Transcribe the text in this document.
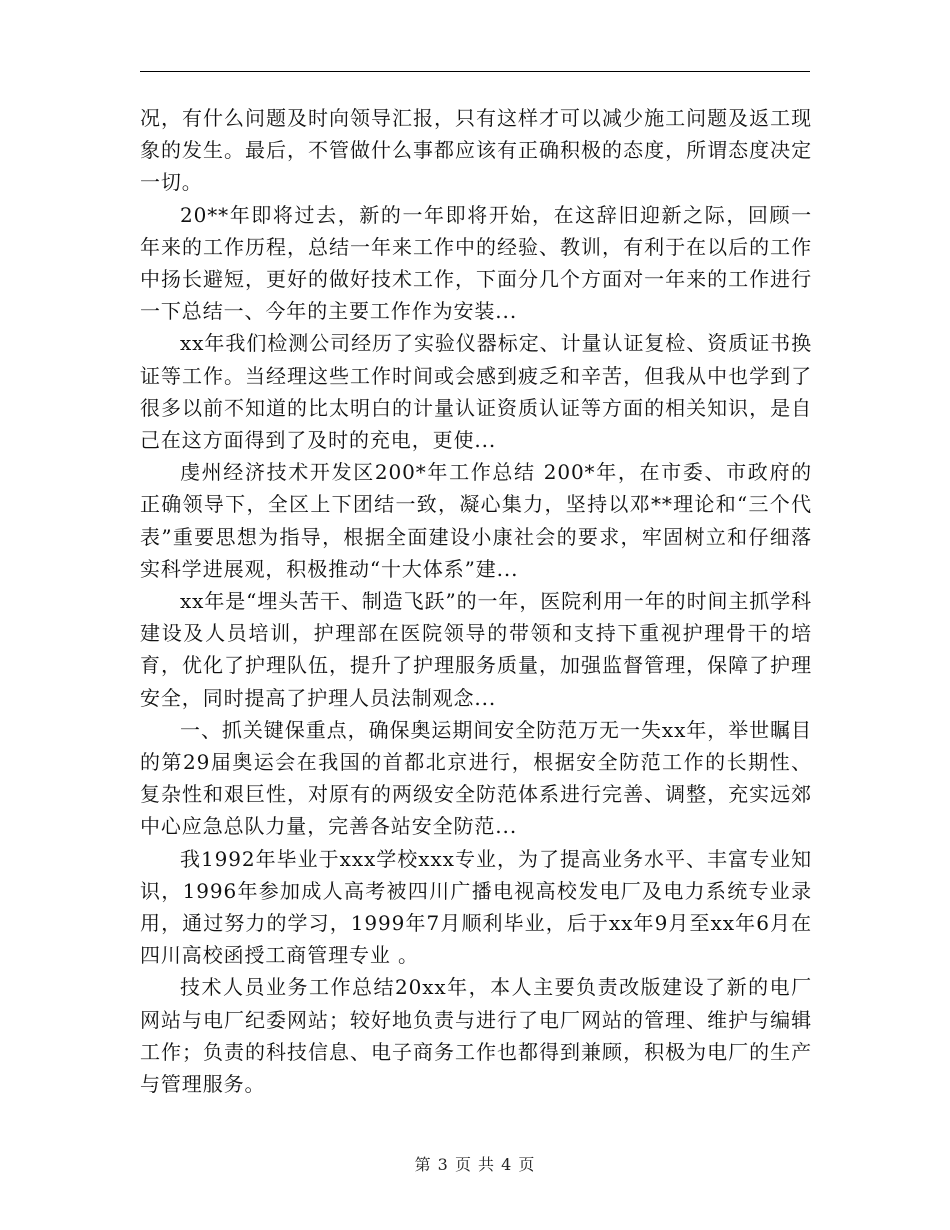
况，有什么问题及时向领导汇报，只有这样才可以减少施工问题及返工现象的发生。最后，不管做什么事都应该有正确积极的态度，所谓态度决定一切。

20**年即将过去，新的一年即将开始，在这辞旧迎新之际，回顾一年来的工作历程，总结一年来工作中的经验、教训，有利于在以后的工作中扬长避短，更好的做好技术工作，下面分几个方面对一年来的工作进行一下总结一、今年的主要工作作为安装...

xx年我们检测公司经历了实验仪器标定、计量认证复检、资质证书换证等工作。当经理这些工作时间或会感到疲乏和辛苦，但我从中也学到了很多以前不知道的比太明白的计量认证资质认证等方面的相关知识，是自己在这方面得到了及时的充电，更使...

虔州经济技术开发区200*年工作总结 200*年，在市委、市政府的正确领导下，全区上下团结一致，凝心集力，坚持以邓**理论和“三个代表”重要思想为指导，根据全面建设小康社会的要求，牢固树立和仔细落实科学进展观，积极推动“十大体系”建...

xx年是“埋头苦干、制造飞跃”的一年，医院利用一年的时间主抓学科建设及人员培训，护理部在医院领导的带领和支持下重视护理骨干的培育，优化了护理队伍，提升了护理服务质量，加强监督管理，保障了护理安全，同时提高了护理人员法制观念...

一、抓关键保重点，确保奥运期间安全防范万无一失xx年，举世瞩目的第29届奥运会在我国的首都北京进行，根据安全防范工作的长期性、复杂性和艰巨性，对原有的两级安全防范体系进行完善、调整，充实远郊中心应急总队力量，完善各站安全防范...

我1992年毕业于xxx学校xxx专业，为了提高业务水平、丰富专业知识，1996年参加成人高考被四川广播电视高校发电厂及电力系统专业录用，通过努力的学习，1999年7月顺利毕业，后于xx年9月至xx年6月在四川高校函授工商管理专业 。

技术人员业务工作总结20xx年，本人主要负责改版建设了新的电厂网站与电厂纪委网站；较好地负责与进行了电厂网站的管理、维护与编辑工作；负责的科技信息、电子商务工作也都得到兼顾，积极为电厂的生产与管理服务。

第 3 页 共 4 页
